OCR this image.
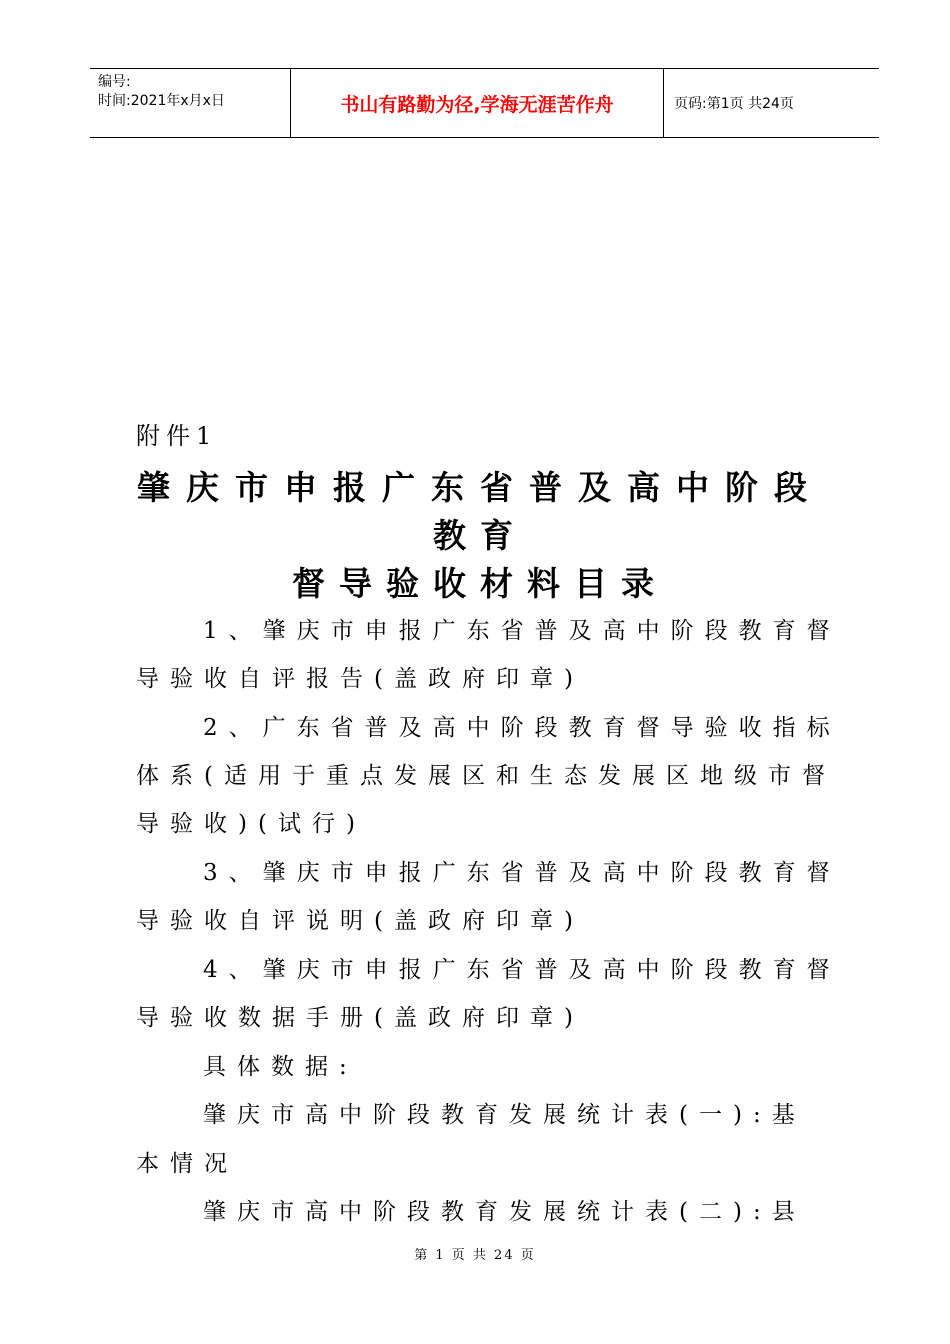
编号:
时间:2021年x月x日	书山有路勤为径,学海无涯苦作舟	页码:第1页 共24页
附件1
肇庆市申报广东省普及高中阶段
教育
督导验收材料目录
1、肇庆市申报广东省普及高中阶段教育督
导验收自评报告(盖政府印章)
2、广东省普及高中阶段教育督导验收指标
体系(适用于重点发展区和生态发展区地级市督
导验收)(试行)
3、肇庆市申报广东省普及高中阶段教育督
导验收自评说明(盖政府印章)
4、肇庆市申报广东省普及高中阶段教育督
导验收数据手册(盖政府印章)
具体数据:
肇庆市高中阶段教育发展统计表(一):基
本情况
肇庆市高中阶段教育发展统计表(二):县
第 1 页 共 24 页
